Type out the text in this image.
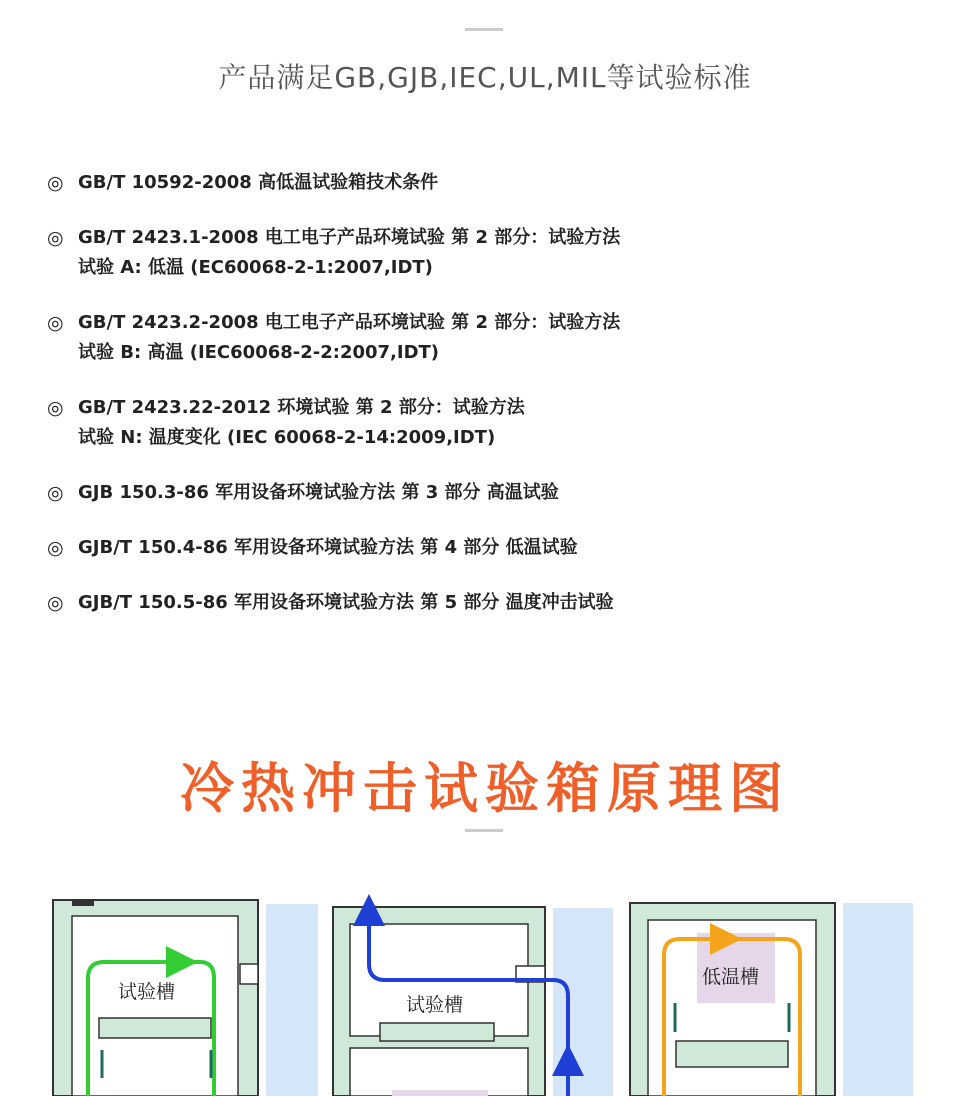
产品满足GB,GJB,IEC,UL,MIL等试验标准
◎ GB/T 10592-2008 高低温试验箱技术条件
◎ GB/T 2423.1-2008 电工电子产品环境试验 第 2 部分：试验方法
试验 A: 低温 (EC60068-2-1:2007,IDT)
◎ GB/T 2423.2-2008 电工电子产品环境试验 第 2 部分：试验方法
试验 B: 高温 (IEC60068-2-2:2007,IDT)
◎ GB/T 2423.22-2012 环境试验 第 2 部分：试验方法
试验 N: 温度变化 (IEC 60068-2-14:2009,IDT)
◎ GJB 150.3-86 军用设备环境试验方法 第 3 部分 高温试验
◎ GJB/T 150.4-86 军用设备环境试验方法 第 4 部分 低温试验
◎ GJB/T 150.5-86 军用设备环境试验方法 第 5 部分 温度冲击试验
冷热冲击试验箱原理图
试验槽
试验槽
低温槽
